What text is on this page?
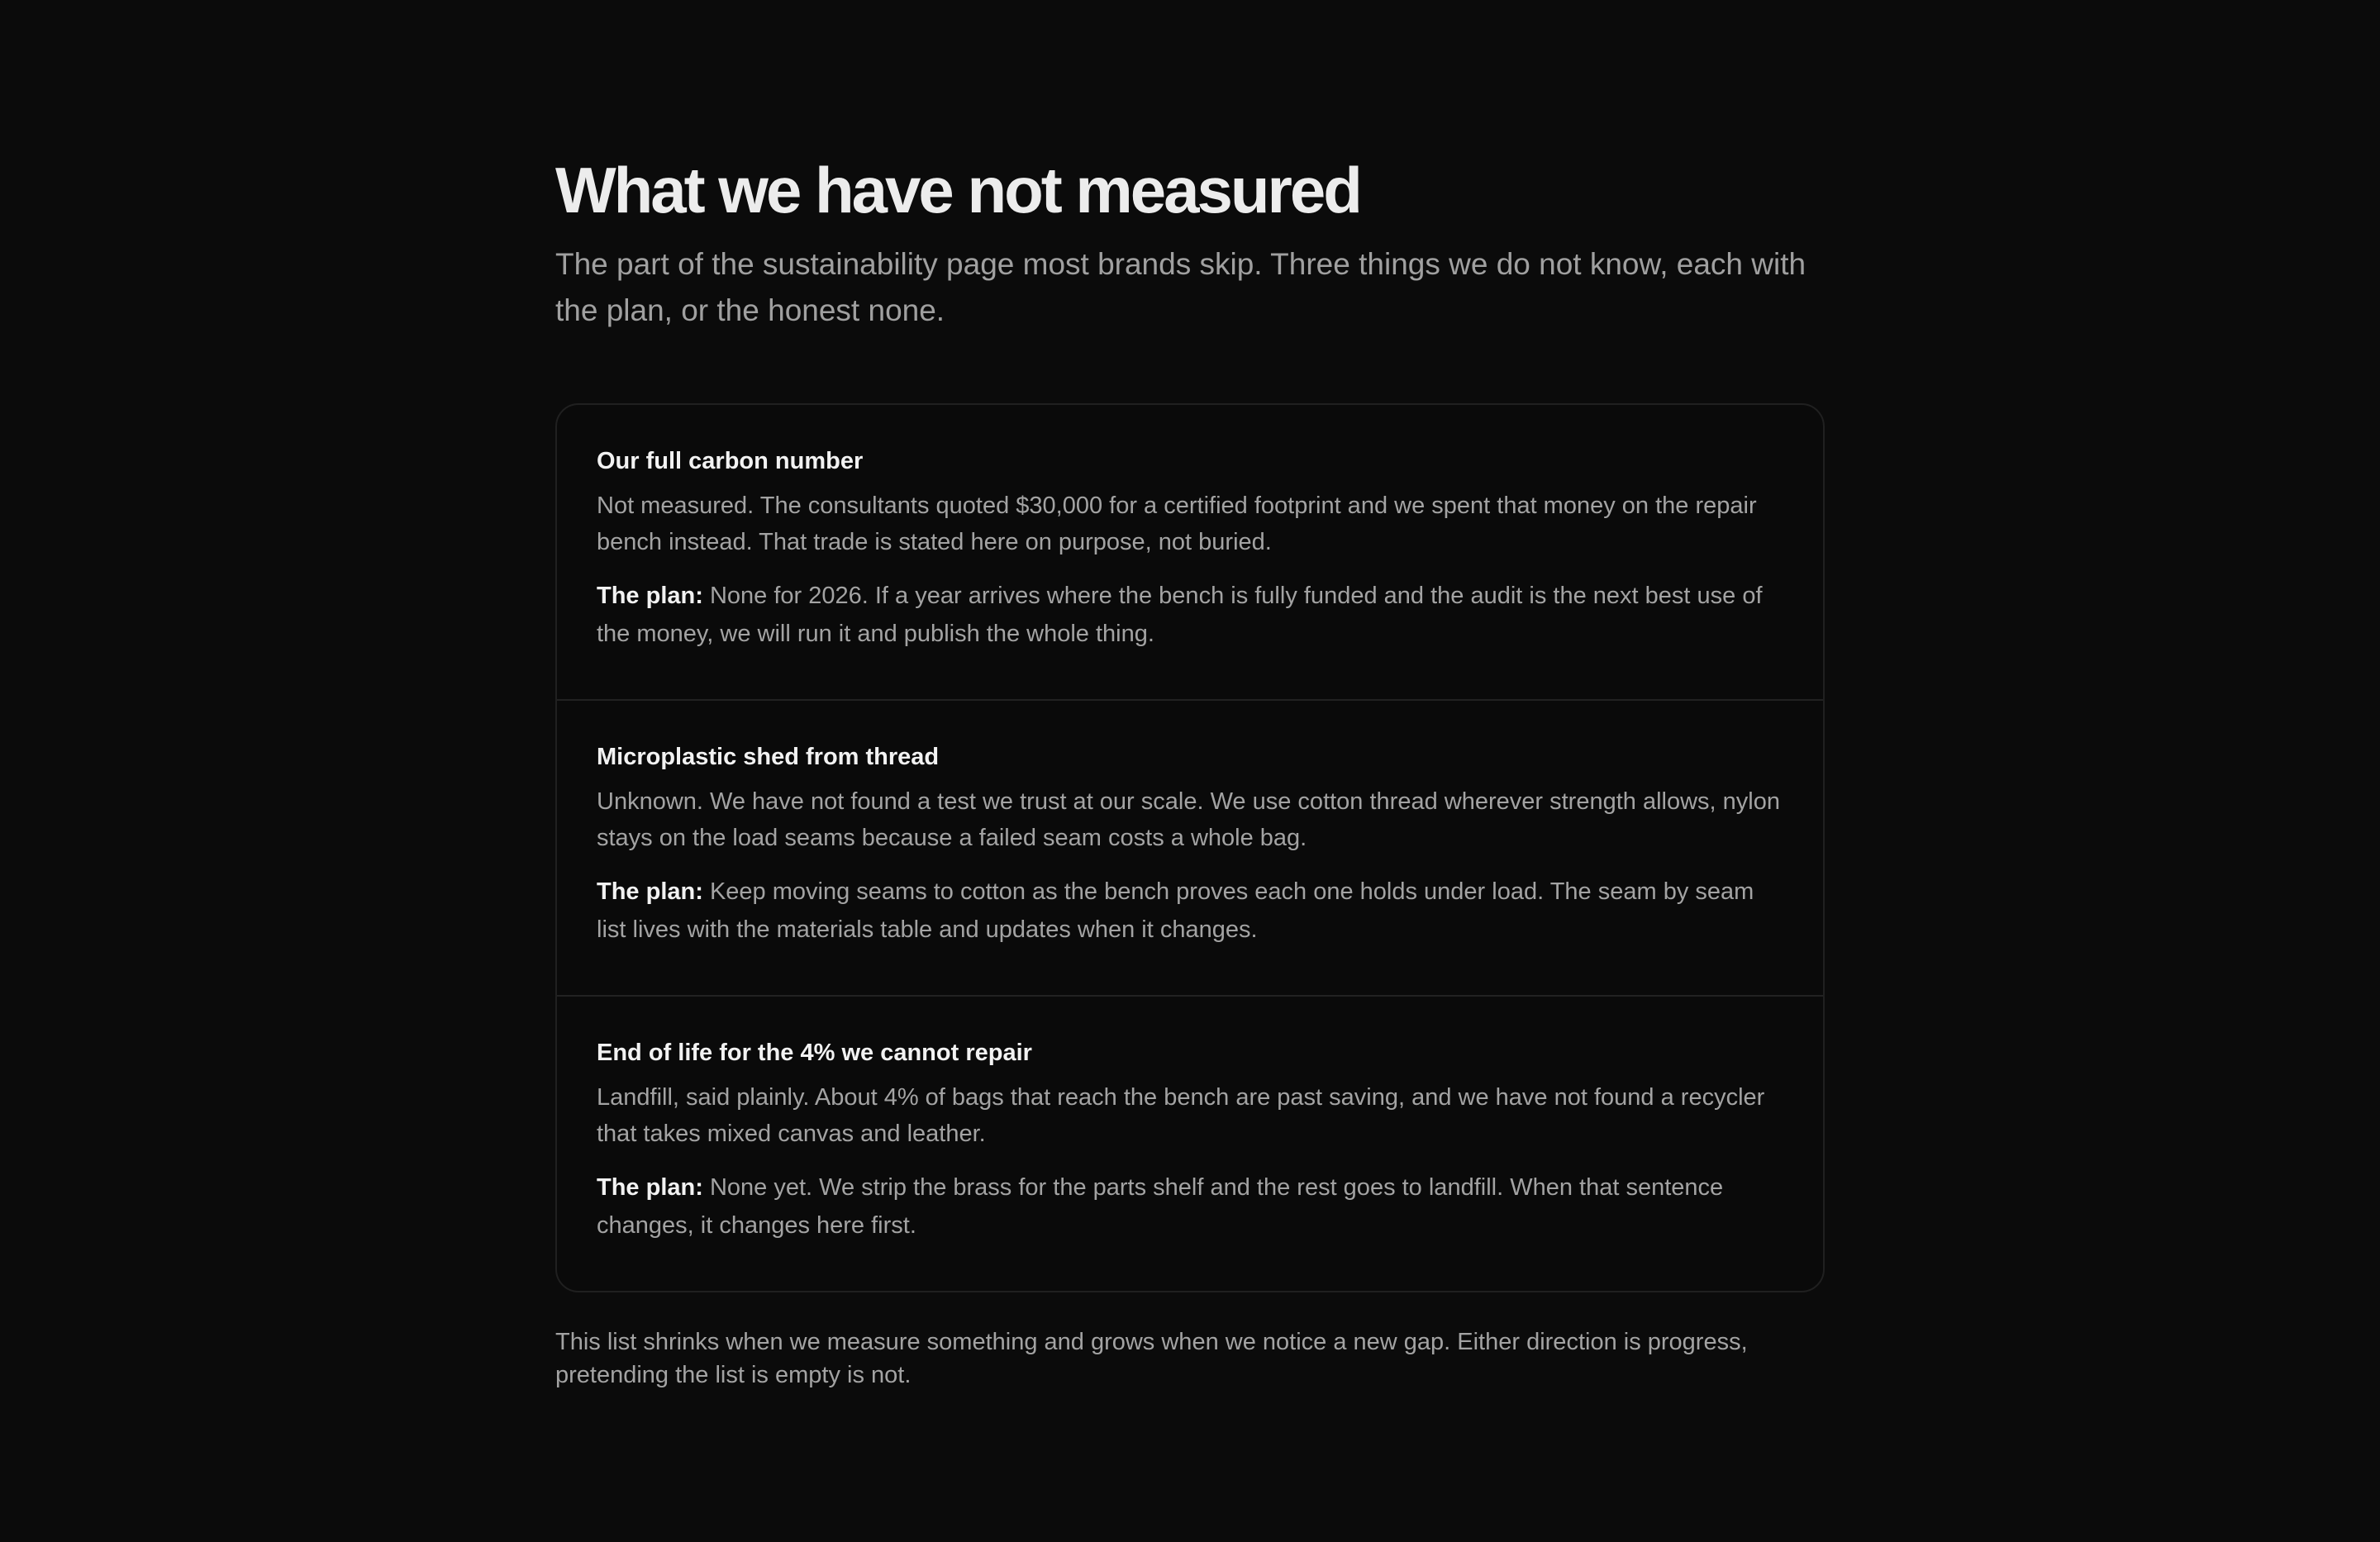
What we have not measured

The part of the sustainability page most brands skip. Three things we do not know, each with the plan, or the honest none.

Our full carbon number

Not measured. The consultants quoted $30,000 for a certified footprint and we spent that money on the repair bench instead. That trade is stated here on purpose, not buried.

The plan: None for 2026. If a year arrives where the bench is fully funded and the audit is the next best use of the money, we will run it and publish the whole thing.

Microplastic shed from thread

Unknown. We have not found a test we trust at our scale. We use cotton thread wherever strength allows, nylon stays on the load seams because a failed seam costs a whole bag.

The plan: Keep moving seams to cotton as the bench proves each one holds under load. The seam by seam list lives with the materials table and updates when it changes.

End of life for the 4% we cannot repair

Landfill, said plainly. About 4% of bags that reach the bench are past saving, and we have not found a recycler that takes mixed canvas and leather.

The plan: None yet. We strip the brass for the parts shelf and the rest goes to landfill. When that sentence changes, it changes here first.

This list shrinks when we measure something and grows when we notice a new gap. Either direction is progress, pretending the list is empty is not.
